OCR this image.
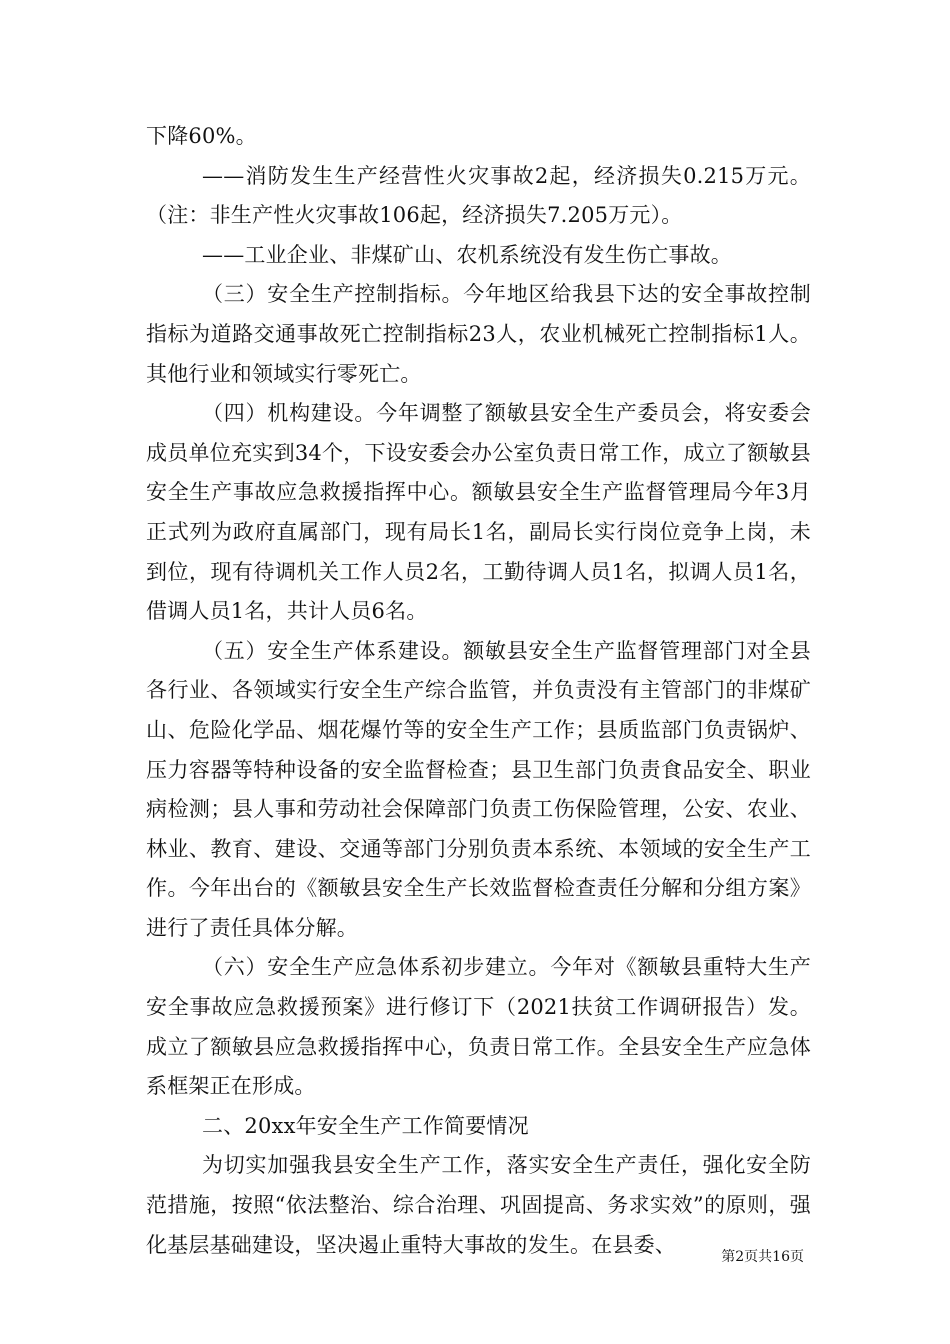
下降60%。

——消防发生生产经营性火灾事故2起，经济损失0.215万元。（注：非生产性火灾事故106起，经济损失7.205万元）。

——工业企业、非煤矿山、农机系统没有发生伤亡事故。

（三）安全生产控制指标。今年地区给我县下达的安全事故控制指标为道路交通事故死亡控制指标23人，农业机械死亡控制指标1人。其他行业和领域实行零死亡。

（四）机构建设。今年调整了额敏县安全生产委员会，将安委会成员单位充实到34个，下设安委会办公室负责日常工作，成立了额敏县安全生产事故应急救援指挥中心。额敏县安全生产监督管理局今年3月正式列为政府直属部门，现有局长1名，副局长实行岗位竞争上岗，未到位，现有待调机关工作人员2名，工勤待调人员1名，拟调人员1名，借调人员1名，共计人员6名。

（五）安全生产体系建设。额敏县安全生产监督管理部门对全县各行业、各领域实行安全生产综合监管，并负责没有主管部门的非煤矿山、危险化学品、烟花爆竹等的安全生产工作；县质监部门负责锅炉、压力容器等特种设备的安全监督检查；县卫生部门负责食品安全、职业病检测；县人事和劳动社会保障部门负责工伤保险管理，公安、农业、林业、教育、建设、交通等部门分别负责本系统、本领域的安全生产工作。今年出台的《额敏县安全生产长效监督检查责任分解和分组方案》进行了责任具体分解。

（六）安全生产应急体系初步建立。今年对《额敏县重特大生产安全事故应急救援预案》进行修订下（2021扶贫工作调研报告）发。成立了额敏县应急救援指挥中心，负责日常工作。全县安全生产应急体系框架正在形成。

二、20xx年安全生产工作简要情况

为切实加强我县安全生产工作，落实安全生产责任，强化安全防范措施，按照“依法整治、综合治理、巩固提高、务求实效”的原则，强化基层基础建设，坚决遏止重特大事故的发生。在县委、

第2页共16页
